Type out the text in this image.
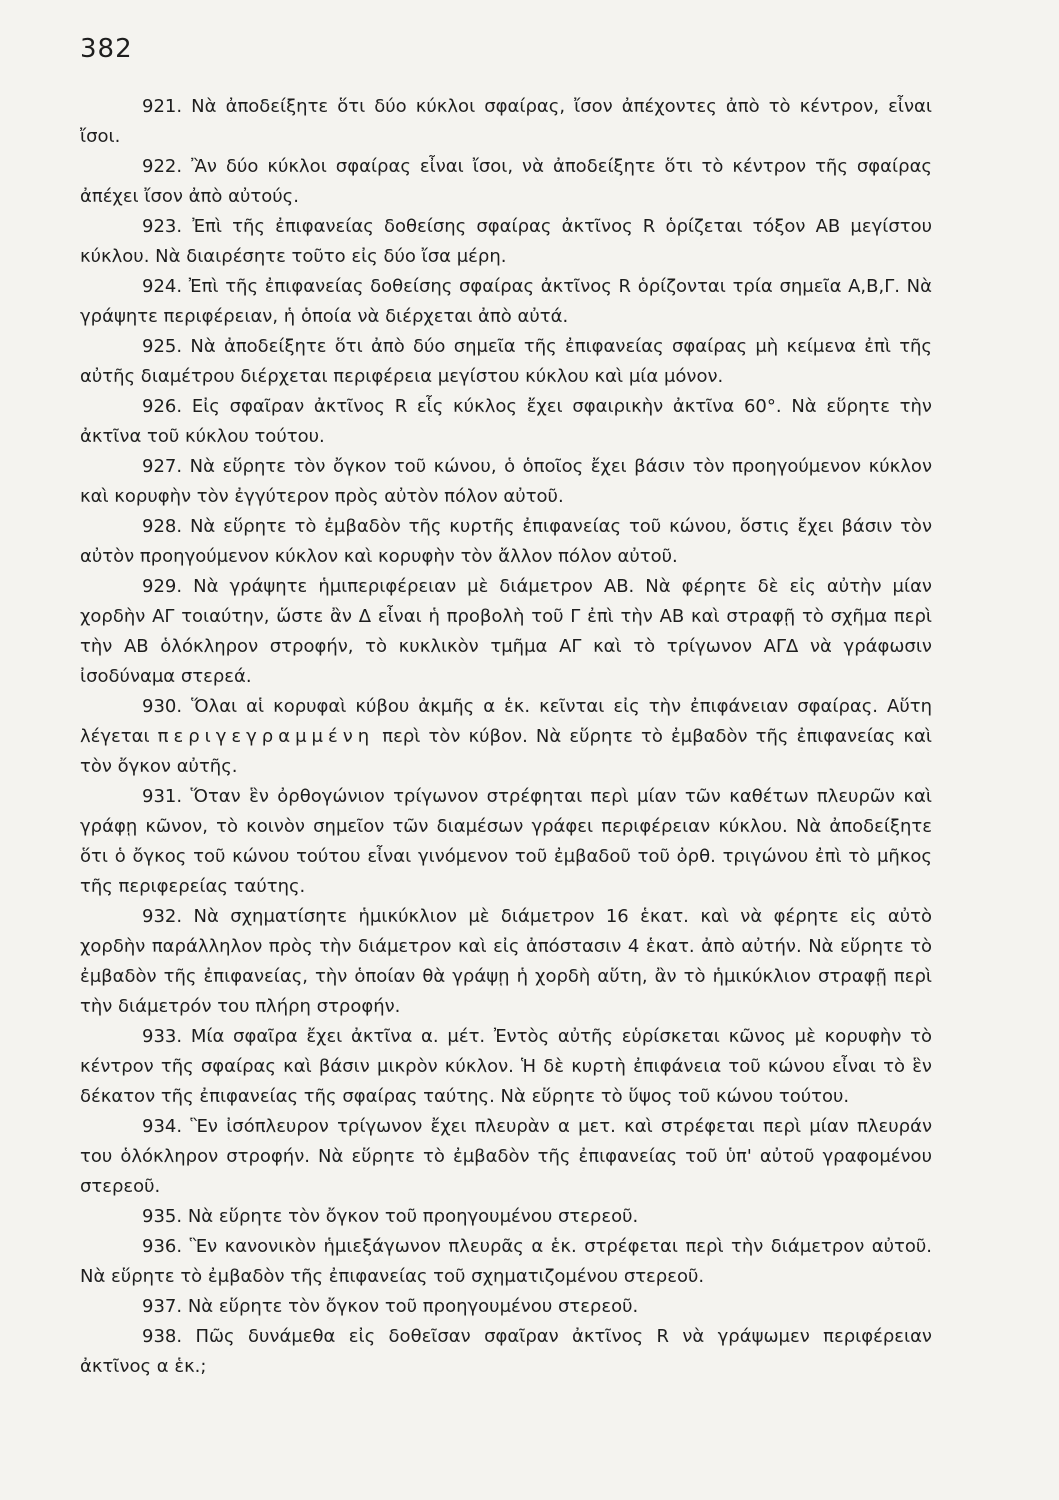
382

921. Νὰ ἀποδείξητε ὅτι δύο κύκλοι σφαίρας, ἴσον ἀπέχοντες ἀπὸ τὸ κέντρον, εἶναι ἴσοι.

922. Ἂν δύο κύκλοι σφαίρας εἶναι ἴσοι, νὰ ἀποδείξητε ὅτι τὸ κέντρον τῆς σφαίρας ἀπέχει ἴσον ἀπὸ αὐτούς.

923. Ἐπὶ τῆς ἐπιφανείας δοθείσης σφαίρας ἀκτῖνος R ὁρίζεται τόξον ΑΒ μεγίστου κύκλου. Νὰ διαιρέσητε τοῦτο εἰς δύο ἴσα μέρη.

924. Ἐπὶ τῆς ἐπιφανείας δοθείσης σφαίρας ἀκτῖνος R ὁρίζονται τρία σημεῖα Α,Β,Γ. Νὰ γράψητε περιφέρειαν, ἡ ὁποία νὰ διέρχεται ἀπὸ αὐτά.

925. Νὰ ἀποδείξητε ὅτι ἀπὸ δύο σημεῖα τῆς ἐπιφανείας σφαίρας μὴ κείμενα ἐπὶ τῆς αὐτῆς διαμέτρου διέρχεται περιφέρεια μεγίστου κύκλου καὶ μία μόνον.

926. Εἰς σφαῖραν ἀκτῖνος R εἷς κύκλος ἔχει σφαιρικὴν ἀκτῖνα 60°. Νὰ εὕρητε τὴν ἀκτῖνα τοῦ κύκλου τούτου.

927. Νὰ εὕρητε τὸν ὄγκον τοῦ κώνου, ὁ ὁποῖος ἔχει βάσιν τὸν προηγούμενον κύκλον καὶ κορυφὴν τὸν ἐγγύτερον πρὸς αὐτὸν πόλον αὐτοῦ.

928. Νὰ εὕρητε τὸ ἐμβαδὸν τῆς κυρτῆς ἐπιφανείας τοῦ κώνου, ὅστις ἔχει βάσιν τὸν αὐτὸν προηγούμενον κύκλον καὶ κορυφὴν τὸν ἄλλον πόλον αὐτοῦ.

929. Νὰ γράψητε ἡμιπεριφέρειαν μὲ διάμετρον ΑΒ. Νὰ φέρητε δὲ εἰς αὐτὴν μίαν χορδὴν ΑΓ τοιαύτην, ὥστε ἂν Δ εἶναι ἡ προβολὴ τοῦ Γ ἐπὶ τὴν ΑΒ καὶ στραφῇ τὸ σχῆμα περὶ τὴν ΑΒ ὁλόκληρον στροφήν, τὸ κυκλικὸν τμῆμα ΑΓ καὶ τὸ τρίγωνον ΑΓΔ νὰ γράφωσιν ἰσοδύναμα στερεά.

930. Ὅλαι αἱ κορυφαὶ κύβου ἀκμῆς α ἑκ. κεῖνται εἰς τὴν ἐπιφάνειαν σφαίρας. Αὕτη λέγεται περιγεγραμμένη περὶ τὸν κύβον. Νὰ εὕρητε τὸ ἐμβαδὸν τῆς ἐπιφανείας καὶ τὸν ὄγκον αὐτῆς.

931. Ὅταν ἓν ὀρθογώνιον τρίγωνον στρέφηται περὶ μίαν τῶν καθέτων πλευρῶν καὶ γράφῃ κῶνον, τὸ κοινὸν σημεῖον τῶν διαμέσων γράφει περιφέρειαν κύκλου. Νὰ ἀποδείξητε ὅτι ὁ ὄγκος τοῦ κώνου τούτου εἶναι γινόμενον τοῦ ἐμβαδοῦ τοῦ ὀρθ. τριγώνου ἐπὶ τὸ μῆκος τῆς περιφερείας ταύτης.

932. Νὰ σχηματίσητε ἡμικύκλιον μὲ διάμετρον 16 ἑκατ. καὶ νὰ φέρητε εἰς αὐτὸ χορδὴν παράλληλον πρὸς τὴν διάμετρον καὶ εἰς ἀπόστασιν 4 ἑκατ. ἀπὸ αὐτήν. Νὰ εὕρητε τὸ ἐμβαδὸν τῆς ἐπιφανείας, τὴν ὁποίαν θὰ γράψῃ ἡ χορδὴ αὕτη, ἂν τὸ ἡμικύκλιον στραφῇ περὶ τὴν διάμετρόν του πλήρη στροφήν.

933. Μία σφαῖρα ἔχει ἀκτῖνα α. μέτ. Ἐντὸς αὐτῆς εὑρίσκεται κῶνος μὲ κορυφὴν τὸ κέντρον τῆς σφαίρας καὶ βάσιν μικρὸν κύκλον. Ἡ δὲ κυρτὴ ἐπιφάνεια τοῦ κώνου εἶναι τὸ ἓν δέκατον τῆς ἐπιφανείας τῆς σφαίρας ταύτης. Νὰ εὕρητε τὸ ὕψος τοῦ κώνου τούτου.

934. Ἓν ἰσόπλευρον τρίγωνον ἔχει πλευρὰν α μετ. καὶ στρέφεται περὶ μίαν πλευράν του ὁλόκληρον στροφήν. Νὰ εὕρητε τὸ ἐμβαδὸν τῆς ἐπιφανείας τοῦ ὑπ' αὐτοῦ γραφομένου στερεοῦ.

935. Νὰ εὕρητε τὸν ὄγκον τοῦ προηγουμένου στερεοῦ.

936. Ἓν κανονικὸν ἡμιεξάγωνον πλευρᾶς α ἑκ. στρέφεται περὶ τὴν διάμετρον αὐτοῦ. Νὰ εὕρητε τὸ ἐμβαδὸν τῆς ἐπιφανείας τοῦ σχηματιζομένου στερεοῦ.

937. Νὰ εὕρητε τὸν ὄγκον τοῦ προηγουμένου στερεοῦ.

938. Πῶς δυνάμεθα εἰς δοθεῖσαν σφαῖραν ἀκτῖνος R νὰ γράψωμεν περιφέρειαν ἀκτῖνος α ἑκ.;
